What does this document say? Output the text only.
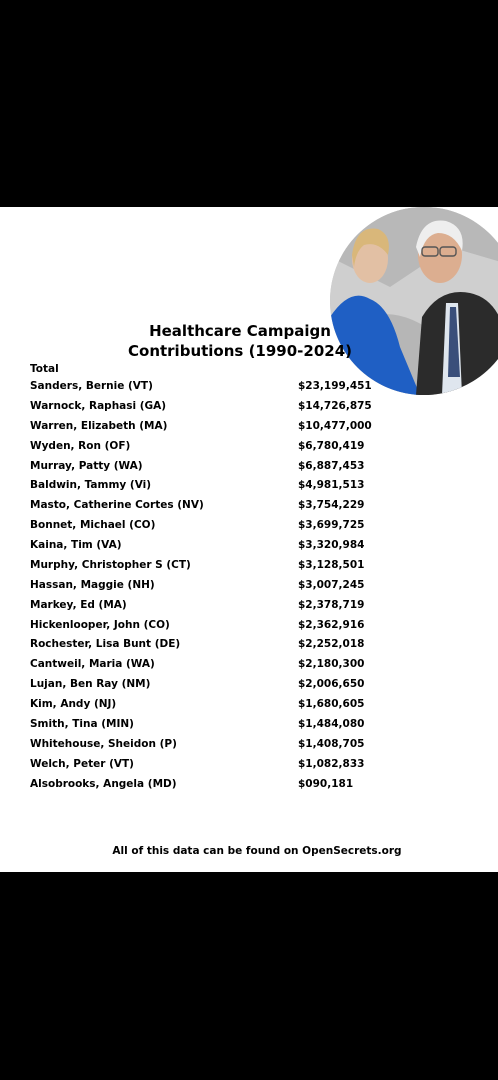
Healthcare Campaign
Contributions (1990-2024)
Total
Sanders, Bernie (VT)	$23,199,451
Warnock, Raphasi (GA)	$14,726,875
Warren, Elizabeth (MA)	$10,477,000
Wyden, Ron (OF)	$6,780,419
Murray, Patty (WA)	$6,887,453
Baldwin, Tammy (Vi)	$4,981,513
Masto, Catherine Cortes (NV)	$3,754,229
Bonnet, Michael (CO)	$3,699,725
Kaina, Tim (VA)	$3,320,984
Murphy, Christopher S (CT)	$3,128,501
Hassan, Maggie (NH)	$3,007,245
Markey, Ed (MA)	$2,378,719
Hickenlooper, John (CO)	$2,362,916
Rochester, Lisa Bunt (DE)	$2,252,018
Cantweil, Maria (WA)	$2,180,300
Lujan, Ben Ray (NM)	$2,006,650
Kim, Andy (NJ)	$1,680,605
Smith, Tina (MIN)	$1,484,080
Whitehouse, Sheidon (P)	$1,408,705
Welch, Peter (VT)	$1,082,833
Alsobrooks, Angela (MD)	$090,181
All of this data can be found on OpenSecrets.org
